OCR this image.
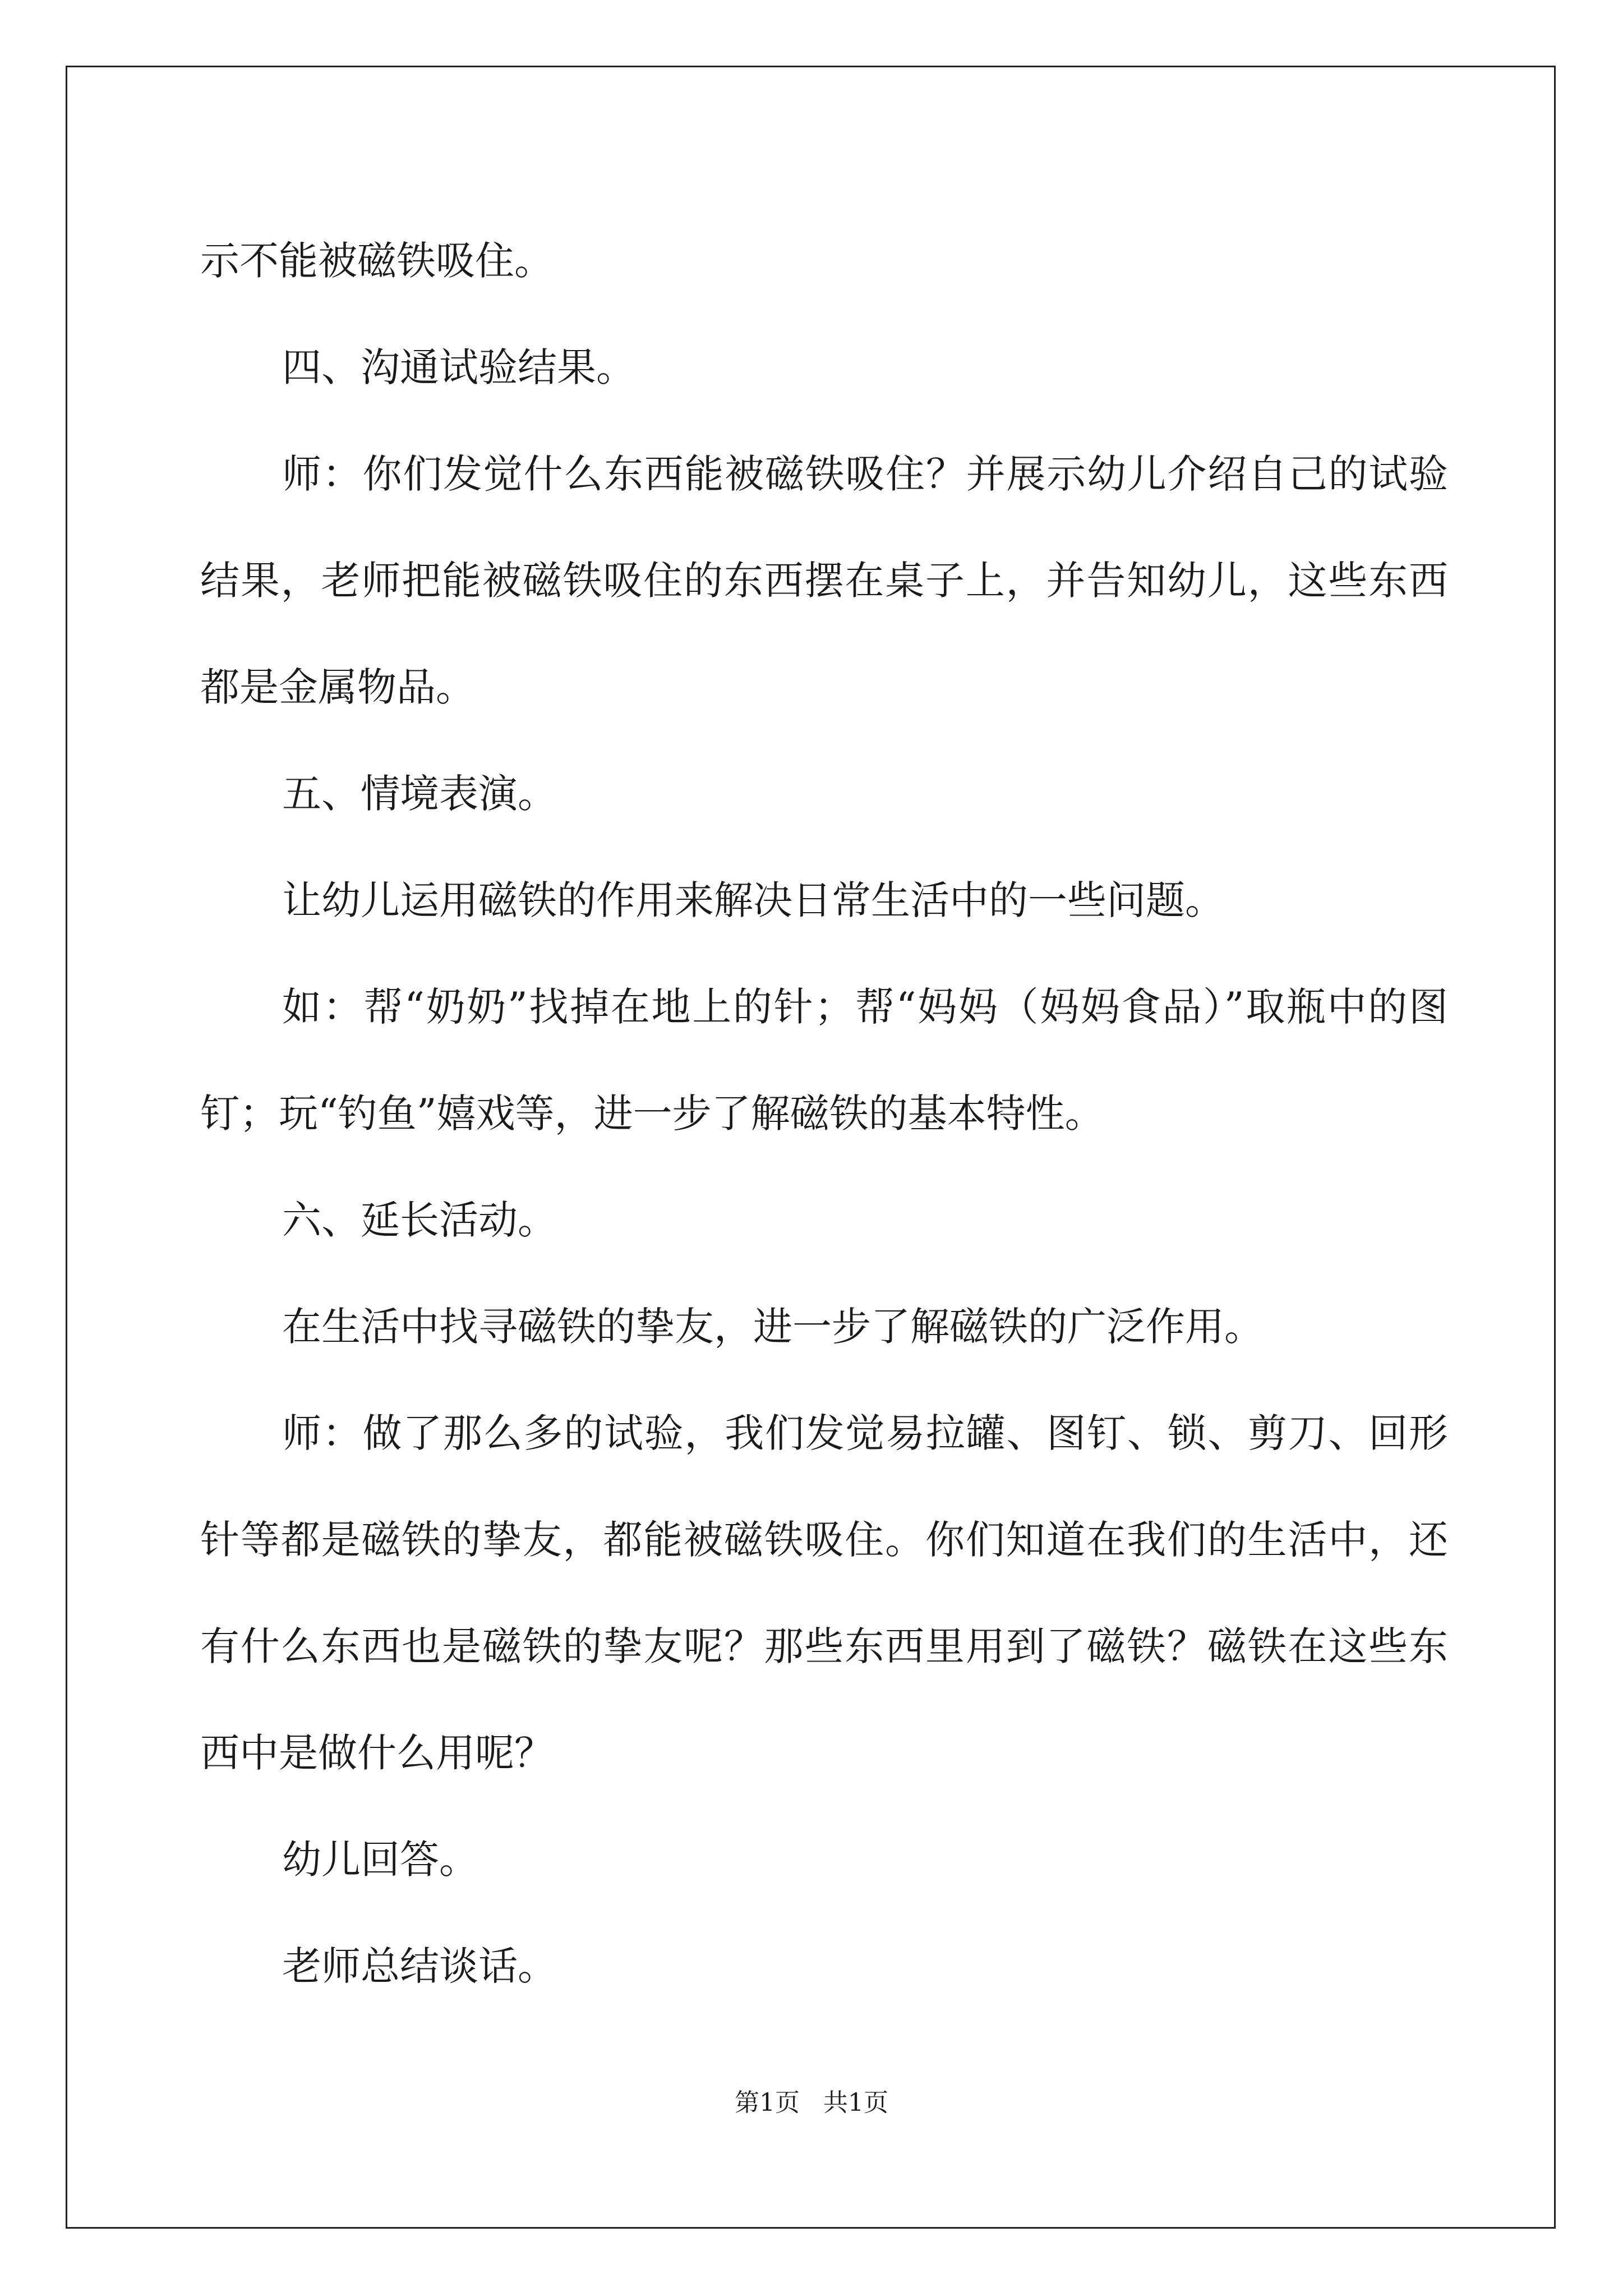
示不能被磁铁吸住。

四、沟通试验结果。

师：你们发觉什么东西能被磁铁吸住？并展示幼儿介绍自己的试验结果，老师把能被磁铁吸住的东西摆在桌子上，并告知幼儿，这些东西都是金属物品。

五、情境表演。

让幼儿运用磁铁的作用来解决日常生活中的一些问题。

如：帮“奶奶”找掉在地上的针；帮“妈妈（妈妈食品）”取瓶中的图钉；玩“钓鱼”嬉戏等，进一步了解磁铁的基本特性。

六、延长活动。

在生活中找寻磁铁的挚友，进一步了解磁铁的广泛作用。

师：做了那么多的试验，我们发觉易拉罐、图钉、锁、剪刀、回形针等都是磁铁的挚友，都能被磁铁吸住。你们知道在我们的生活中，还有什么东西也是磁铁的挚友呢？那些东西里用到了磁铁？磁铁在这些东西中是做什么用呢？

幼儿回答。

老师总结谈话。

第1页   共1页
